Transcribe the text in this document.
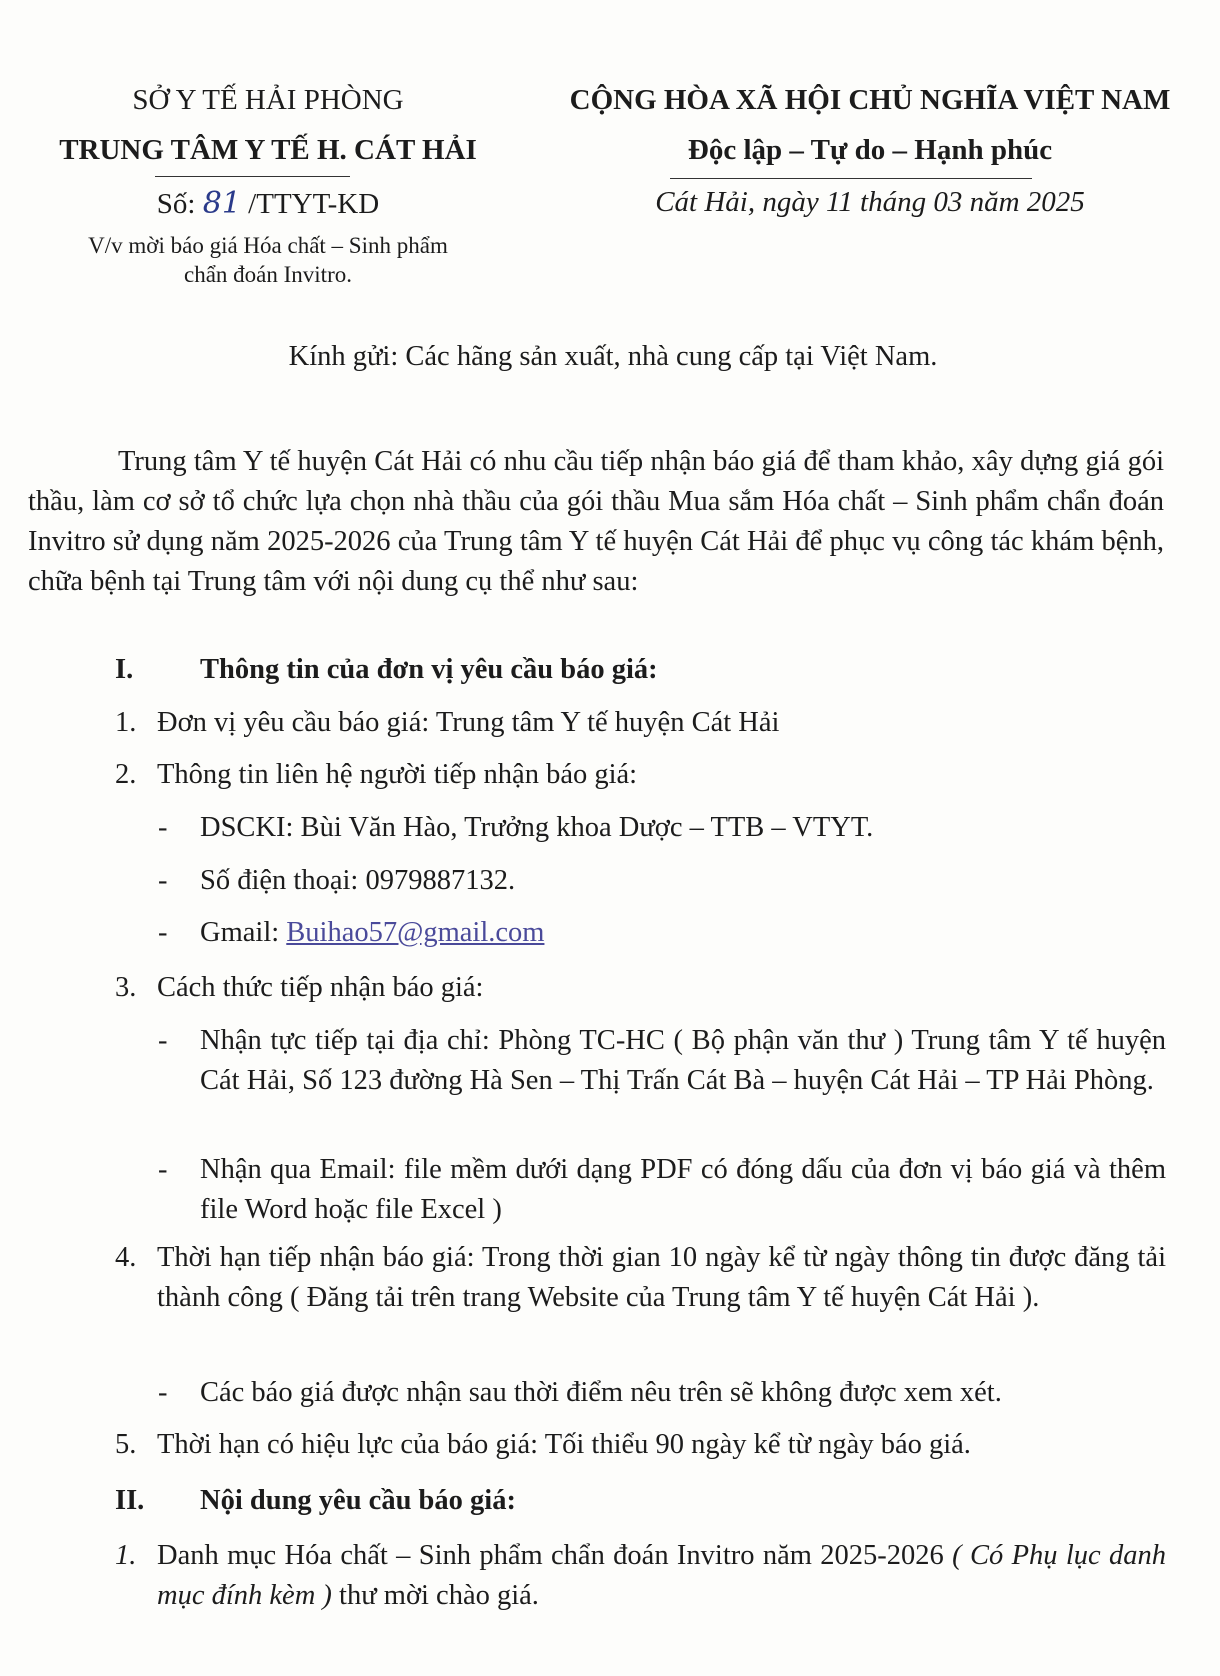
SỞ Y TẾ HẢI PHÒNG
TRUNG TÂM Y TẾ H. CÁT HẢI
Số: 81 /TTYT-KD
V/v mời báo giá Hóa chất – Sinh phẩm
chẩn đoán Invitro.
CỘNG HÒA XÃ HỘI CHỦ NGHĨA VIỆT NAM
Độc lập – Tự do – Hạnh phúc
Cát Hải, ngày 11 tháng 03 năm 2025
Kính gửi: Các hãng sản xuất, nhà cung cấp tại Việt Nam.
Trung tâm Y tế huyện Cát Hải có nhu cầu tiếp nhận báo giá để tham khảo, xây dựng giá gói thầu, làm cơ sở tổ chức lựa chọn nhà thầu của gói thầu Mua sắm Hóa chất – Sinh phẩm chẩn đoán Invitro sử dụng năm 2025-2026 của Trung tâm Y tế huyện Cát Hải để phục vụ công tác khám bệnh, chữa bệnh tại Trung tâm với nội dung cụ thể như sau:
I. Thông tin của đơn vị yêu cầu báo giá:
1. Đơn vị yêu cầu báo giá: Trung tâm Y tế huyện Cát Hải
2. Thông tin liên hệ người tiếp nhận báo giá:
- DSCKI: Bùi Văn Hào, Trưởng khoa Dược – TTB – VTYT.
- Số điện thoại: 0979887132.
- Gmail: Buihao57@gmail.com
3. Cách thức tiếp nhận báo giá:
- Nhận tực tiếp tại địa chỉ: Phòng TC-HC ( Bộ phận văn thư ) Trung tâm Y tế huyện Cát Hải, Số 123 đường Hà Sen – Thị Trấn Cát Bà – huyện Cát Hải – TP Hải Phòng.
- Nhận qua Email: file mềm dưới dạng PDF có đóng dấu của đơn vị báo giá và thêm file Word hoặc file Excel )
4. Thời hạn tiếp nhận báo giá: Trong thời gian 10 ngày kể từ ngày thông tin được đăng tải thành công ( Đăng tải trên trang Website của Trung tâm Y tế huyện Cát Hải ).
- Các báo giá được nhận sau thời điểm nêu trên sẽ không được xem xét.
5. Thời hạn có hiệu lực của báo giá: Tối thiểu 90 ngày kể từ ngày báo giá.
II. Nội dung yêu cầu báo giá:
1. Danh mục Hóa chất – Sinh phẩm chẩn đoán Invitro năm 2025-2026 ( Có Phụ lục danh mục đính kèm ) thư mời chào giá.
